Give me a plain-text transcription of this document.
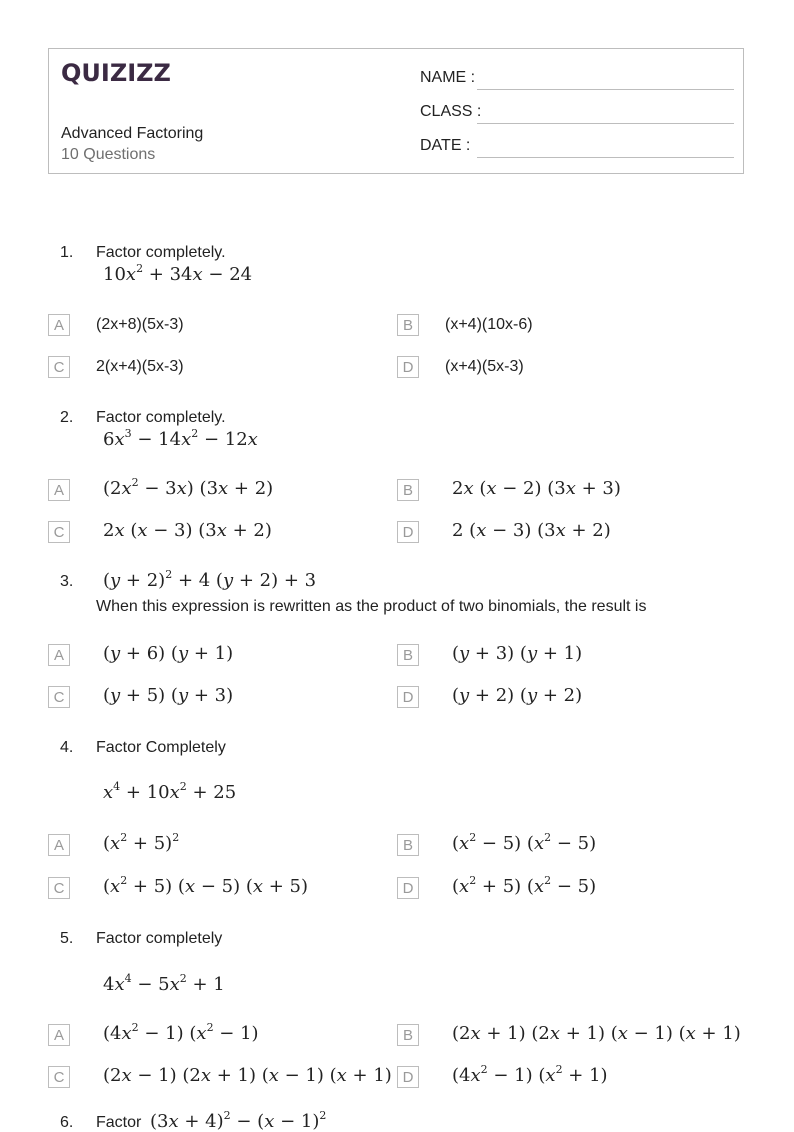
QUIZIZZ
Advanced Factoring
10 Questions
NAME :
CLASS :
DATE :
1. Factor completely.
$10x^2 + 34x - 24$
A	(2x+8)(5x-3)	B	(x+4)(10x-6)
C	2(x+4)(5x-3)	D	(x+4)(5x-3)
2. Factor completely.
$6x^3 - 14x^2 - 12x$
A	$(2x^2 - 3x) (3x + 2)$	B	2x (x − 2) (3x + 3)
C	2x (x − 3) (3x + 2)	D	2 (x − 3) (3x + 2)
3. $(y + 2)^2 + 4$ (y + 2) + 3
When this expression is rewritten as the product of two binomials, the result is
A	(y + 6) (y + 1)	B	(y + 3) (y + 1)
C	(y + 5) (y + 3)	D	(y + 2) (y + 2)
4. Factor Completely
$x^4 + 10x^2 + 25$
A	$(x^2 + 5)^2$	B	$(x^2 - 5) (x^2 - 5)$
C	$(x^2 + 5) (x - 5) (x + 5)$	D	$(x^2 + 5) (x^2 - 5)$
5. Factor completely
$4x^4 - 5x^2 + 1$
A	$(4x^2 - 1) (x^2 - 1)$	B	(2x + 1) (2x + 1) (x − 1) (x + 1)
C	(2x − 1) (2x + 1) (x − 1) (x + 1) D	$(4x^2 - 1) (x^2 + 1)$
6. Factor $(3x + 4)^2 - (x - 1)^2$
